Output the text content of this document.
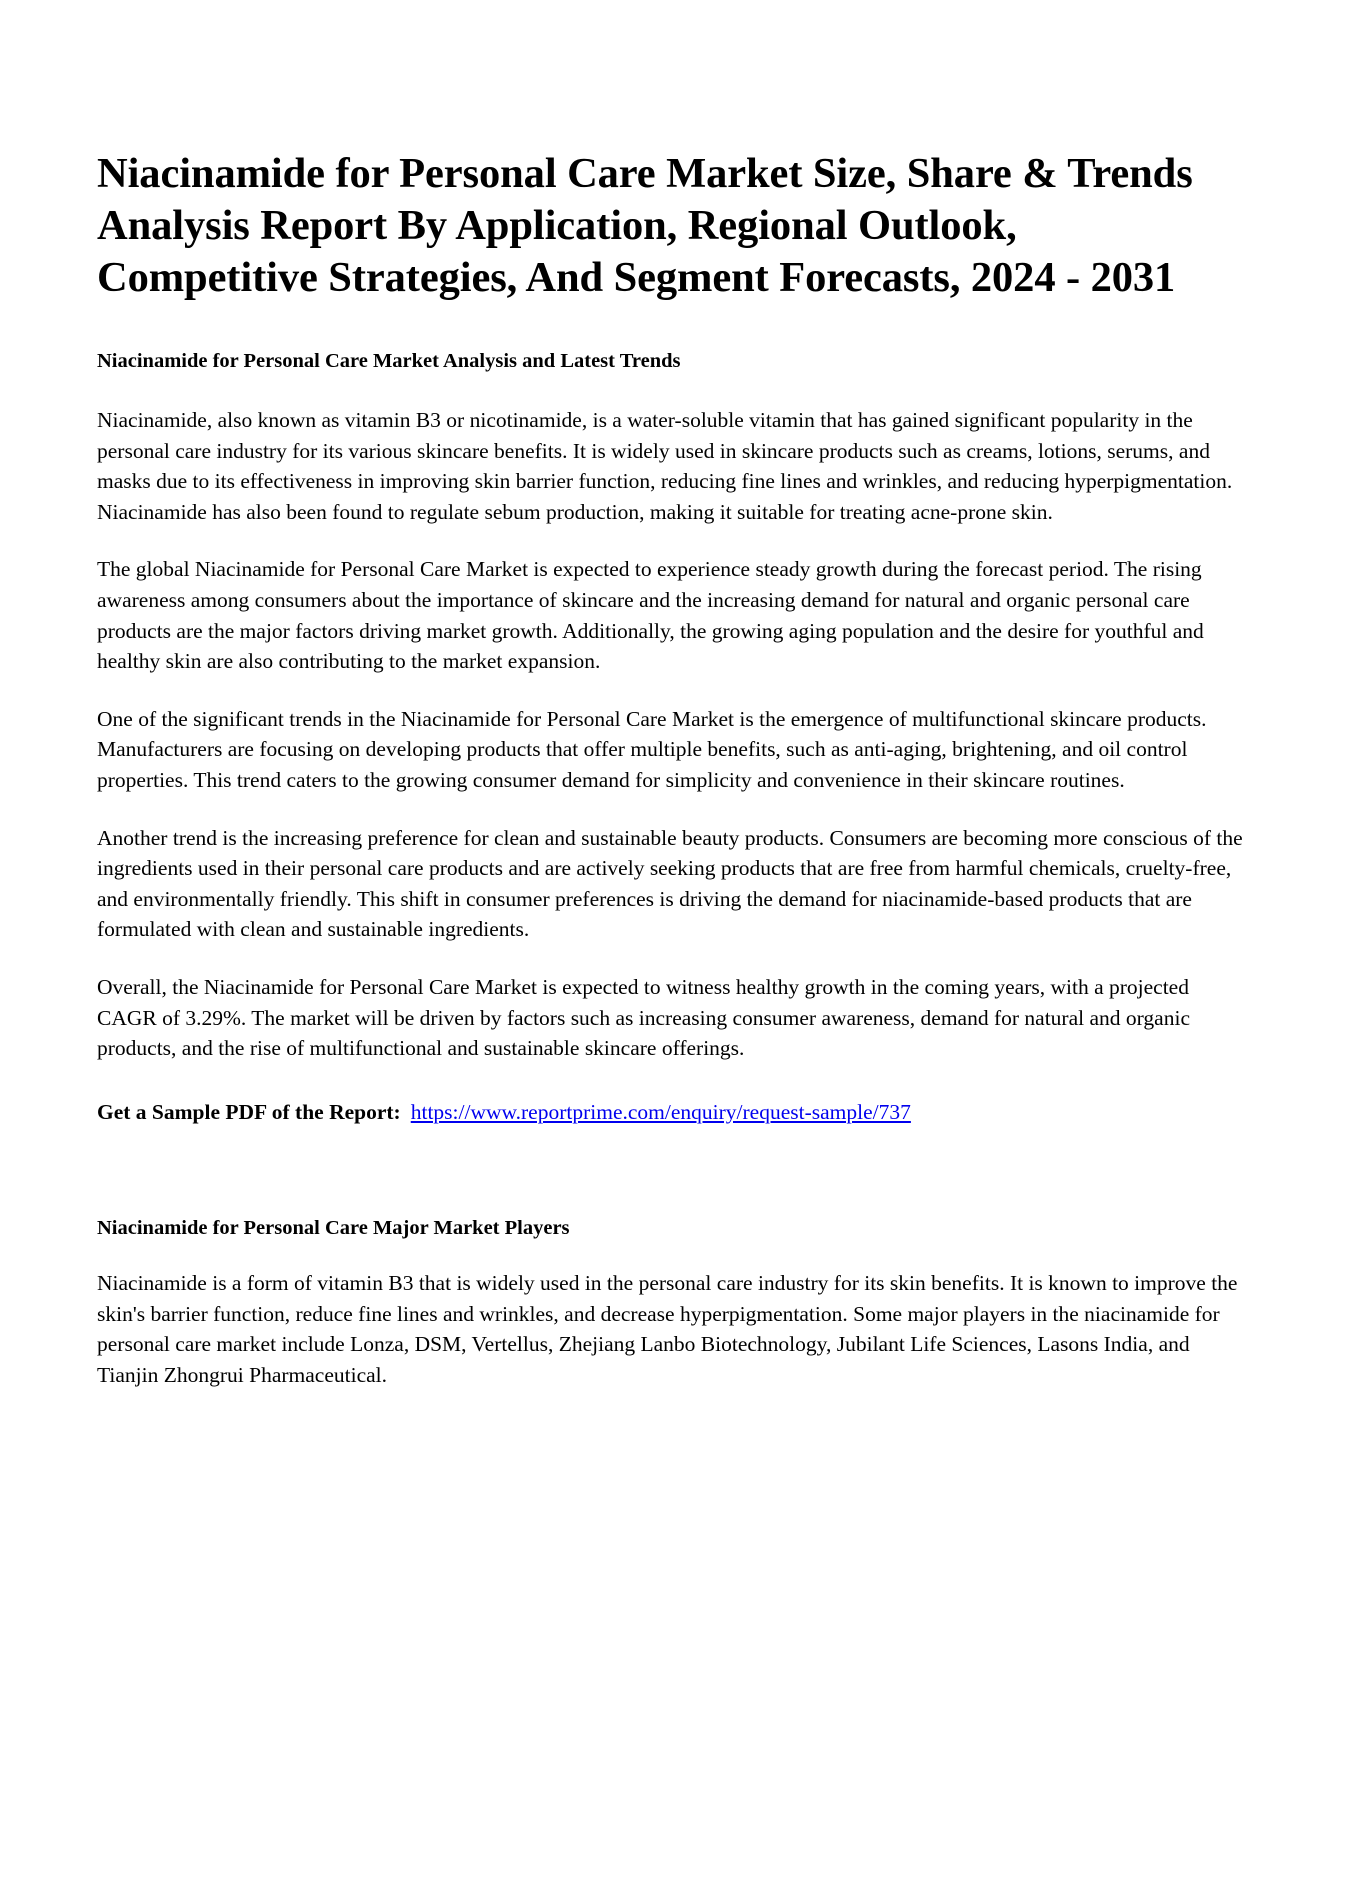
Niacinamide for Personal Care Market Size, Share & Trends Analysis Report By Application, Regional Outlook, Competitive Strategies, And Segment Forecasts, 2024 - 2031
Niacinamide for Personal Care Market Analysis and Latest Trends

Niacinamide, also known as vitamin B3 or nicotinamide, is a water-soluble vitamin that has gained significant popularity in the personal care industry for its various skincare benefits. It is widely used in skincare products such as creams, lotions, serums, and masks due to its effectiveness in improving skin barrier function, reducing fine lines and wrinkles, and reducing hyperpigmentation. Niacinamide has also been found to regulate sebum production, making it suitable for treating acne-prone skin.

The global Niacinamide for Personal Care Market is expected to experience steady growth during the forecast period. The rising awareness among consumers about the importance of skincare and the increasing demand for natural and organic personal care products are the major factors driving market growth. Additionally, the growing aging population and the desire for youthful and healthy skin are also contributing to the market expansion.

One of the significant trends in the Niacinamide for Personal Care Market is the emergence of multifunctional skincare products. Manufacturers are focusing on developing products that offer multiple benefits, such as anti-aging, brightening, and oil control properties. This trend caters to the growing consumer demand for simplicity and convenience in their skincare routines.

Another trend is the increasing preference for clean and sustainable beauty products. Consumers are becoming more conscious of the ingredients used in their personal care products and are actively seeking products that are free from harmful chemicals, cruelty-free, and environmentally friendly. This shift in consumer preferences is driving the demand for niacinamide-based products that are formulated with clean and sustainable ingredients.

Overall, the Niacinamide for Personal Care Market is expected to witness healthy growth in the coming years, with a projected CAGR of 3.29%. The market will be driven by factors such as increasing consumer awareness, demand for natural and organic products, and the rise of multifunctional and sustainable skincare offerings.

Get a Sample PDF of the Report: https://www.reportprime.com/enquiry/request-sample/737
Niacinamide for Personal Care Major Market Players

Niacinamide is a form of vitamin B3 that is widely used in the personal care industry for its skin benefits. It is known to improve the skin's barrier function, reduce fine lines and wrinkles, and decrease hyperpigmentation. Some major players in the niacinamide for personal care market include Lonza, DSM, Vertellus, Zhejiang Lanbo Biotechnology, Jubilant Life Sciences, Lasons India, and Tianjin Zhongrui Pharmaceutical.
